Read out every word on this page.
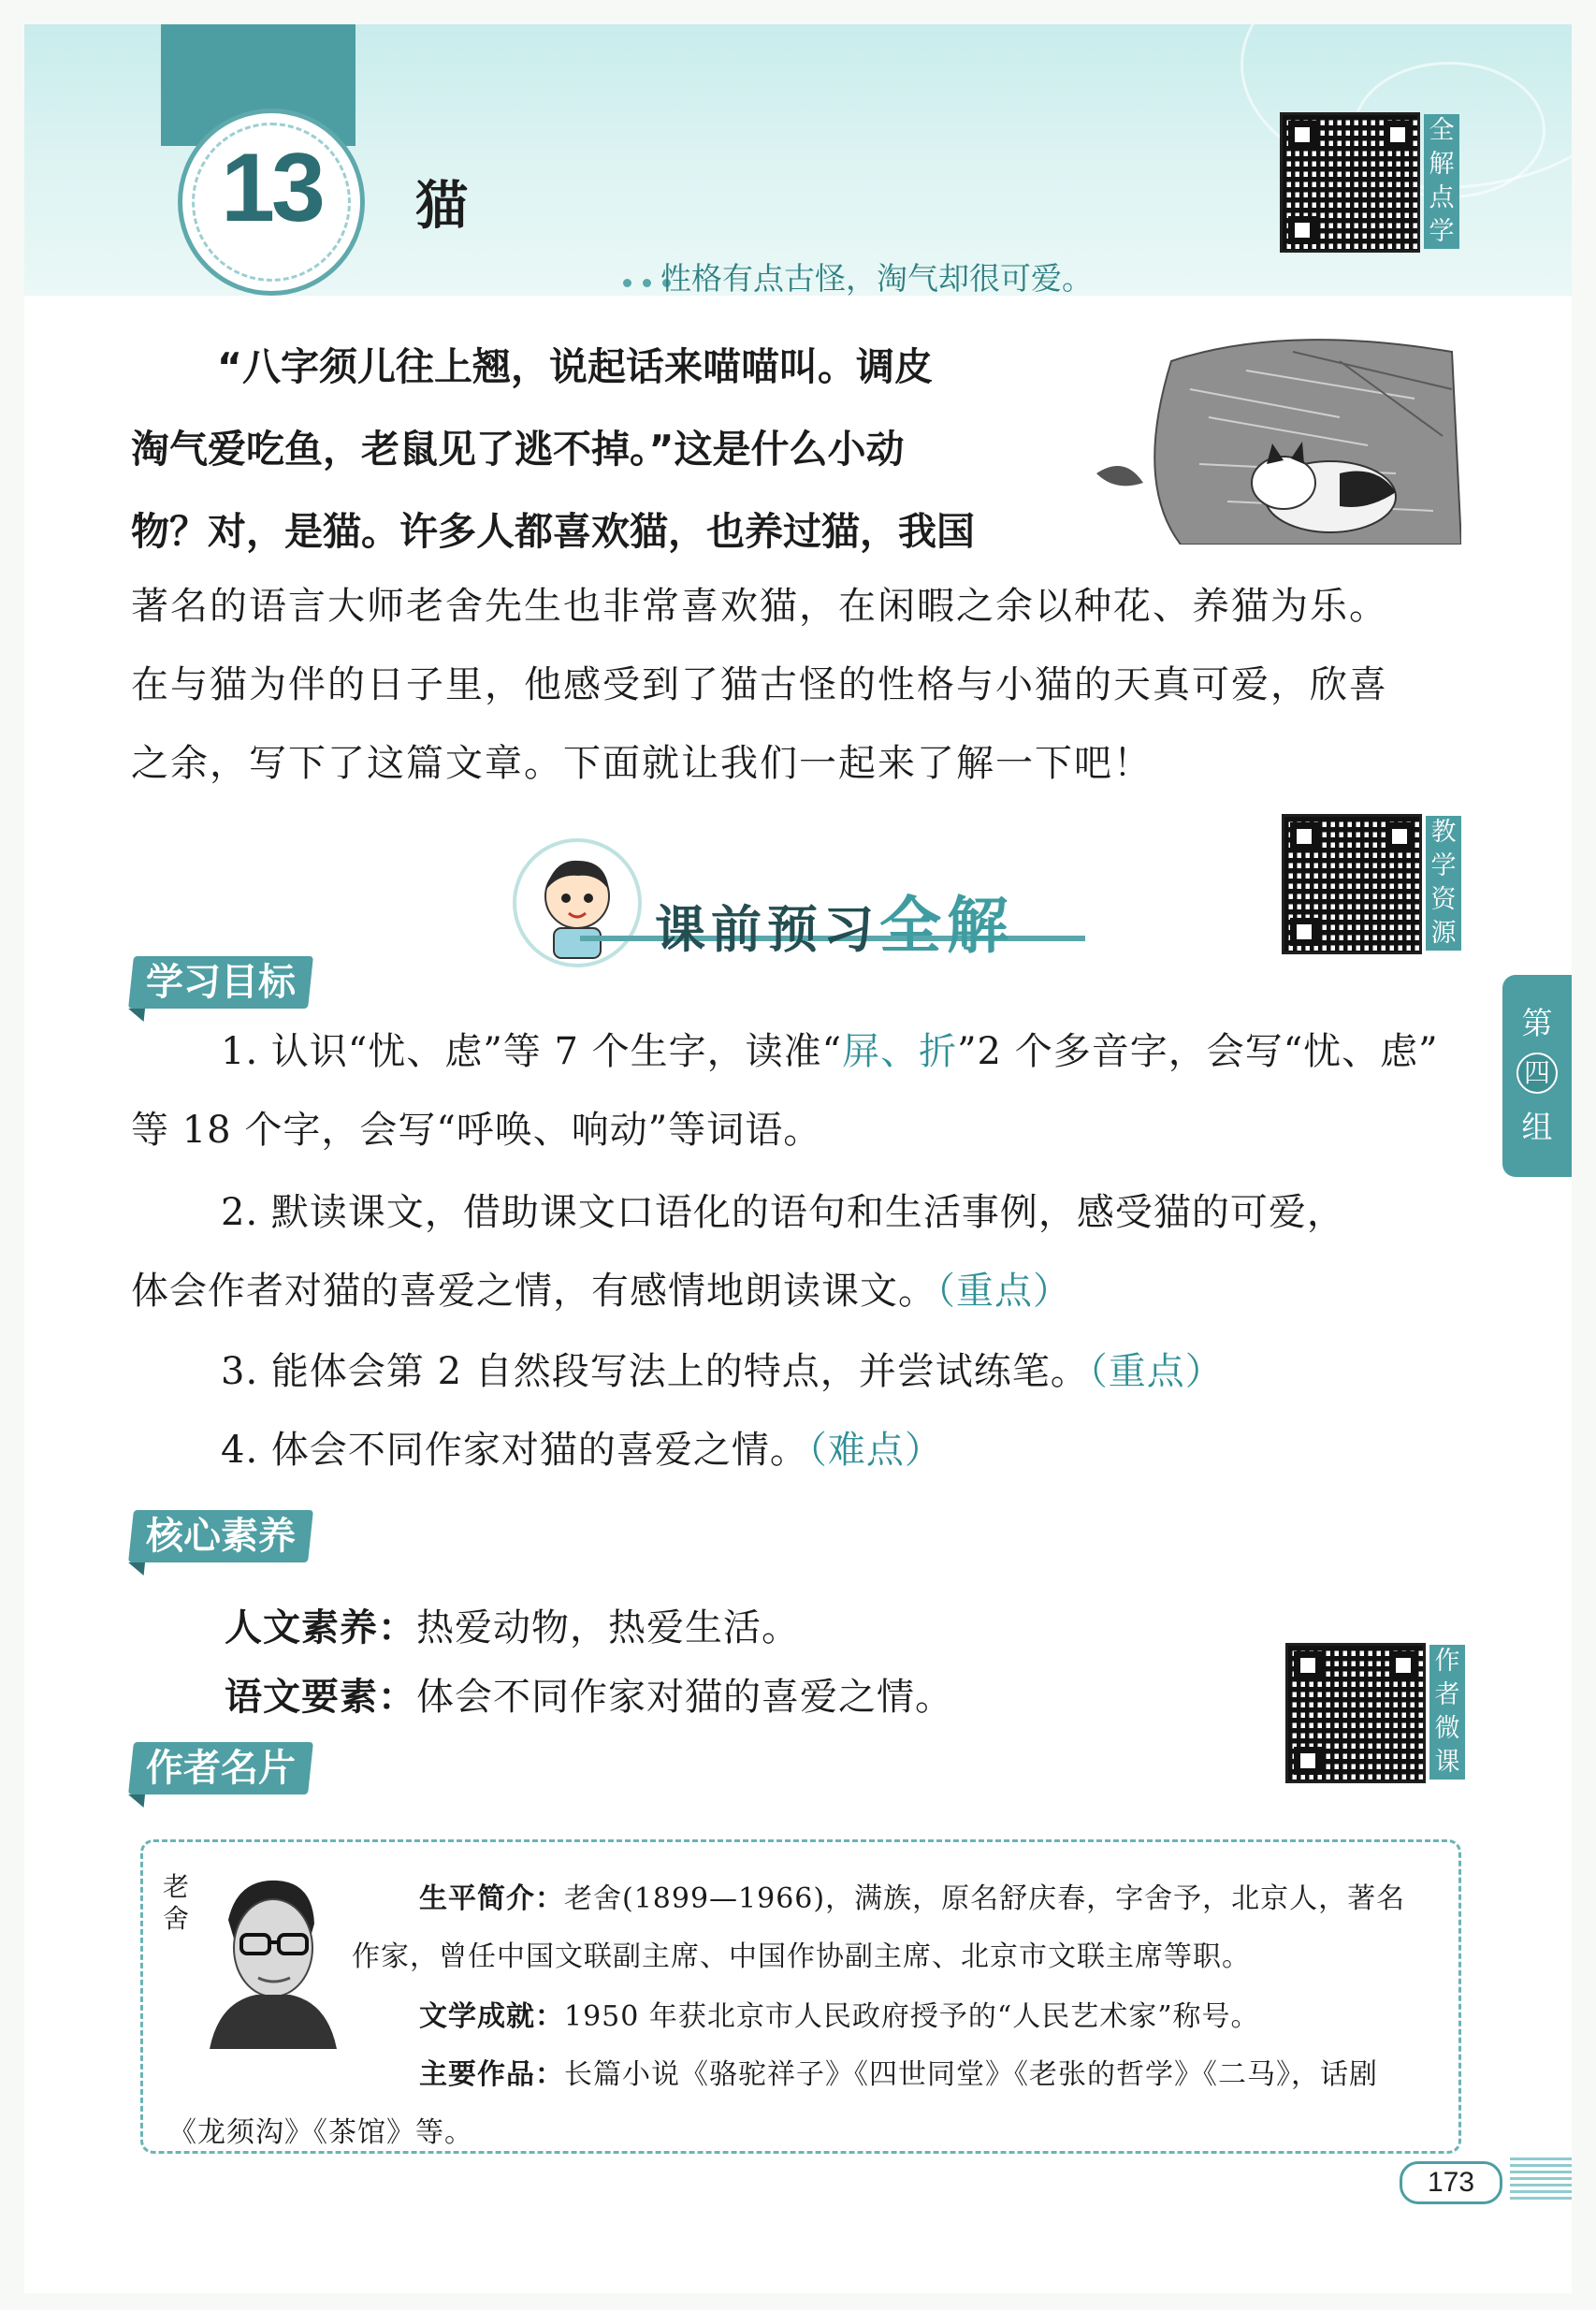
13	猫
性格有点古怪，淘气却很可爱。
全
解
点
学
“八字须儿往上翘，说起话来喵喵叫。调皮
淘气爱吃鱼，老鼠见了逃不掉。”这是什么小动
物？对，是猫。许多人都喜欢猫，也养过猫，我国
著名的语言大师老舍先生也非常喜欢猫，在闲暇之余以种花、养猫为乐。
在与猫为伴的日子里，他感受到了猫古怪的性格与小猫的天真可爱，欣喜
之余，写下了这篇文章。下面就让我们一起来了解一下吧！
课前预习全解
教
学
资
源
第
四
组
学习目标
1. 认识“忧、虑”等 7 个生字，读准“屏、折”2 个多音字，会写“忧、虑”
等 18 个字，会写“呼唤、响动”等词语。
2. 默读课文，借助课文口语化的语句和生活事例，感受猫的可爱，
体会作者对猫的喜爱之情，有感情地朗读课文。（重点）
3. 能体会第 2 自然段写法上的特点，并尝试练笔。（重点）
4. 体会不同作家对猫的喜爱之情。（难点）
核心素养
人文素养：热爱动物，热爱生活。
语文要素：体会不同作家对猫的喜爱之情。
作
者
微
课
作者名片
老舍
生平简介：老舍(1899—1966)，满族，原名舒庆春，字舍予，北京人，著名
作家，曾任中国文联副主席、中国作协副主席、北京市文联主席等职。
文学成就：1950 年获北京市人民政府授予的“人民艺术家”称号。
主要作品：长篇小说《骆驼祥子》《四世同堂》《老张的哲学》《二马》，话剧
《龙须沟》《茶馆》等。
173
